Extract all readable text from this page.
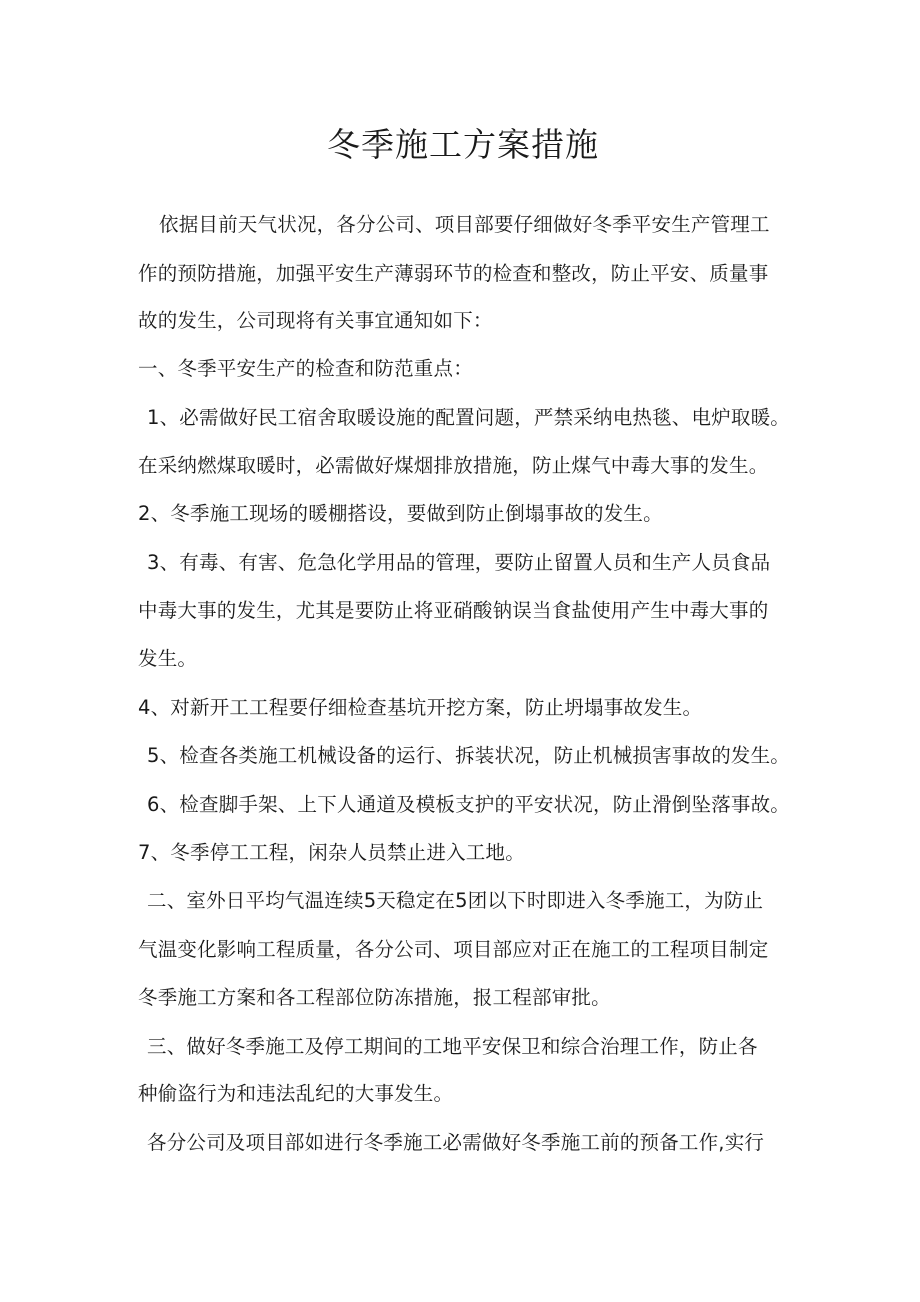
冬季施工方案措施
依据目前天气状况，各分公司、项目部要仔细做好冬季平安生产管理工
作的预防措施，加强平安生产薄弱环节的检查和整改，防止平安、质量事
故的发生，公司现将有关事宜通知如下：
一、冬季平安生产的检查和防范重点：
1、必需做好民工宿舍取暖设施的配置问题，严禁采纳电热毯、电炉取暖。
在采纳燃煤取暖时，必需做好煤烟排放措施，防止煤气中毒大事的发生。
2、冬季施工现场的暖棚搭设，要做到防止倒塌事故的发生。
3、有毒、有害、危急化学用品的管理，要防止留置人员和生产人员食品
中毒大事的发生，尤其是要防止将亚硝酸钠误当食盐使用产生中毒大事的
发生。
4、对新开工工程要仔细检查基坑开挖方案，防止坍塌事故发生。
5、检查各类施工机械设备的运行、拆装状况，防止机械损害事故的发生。
6、检查脚手架、上下人通道及模板支护的平安状况，防止滑倒坠落事故。
7、冬季停工工程，闲杂人员禁止进入工地。
二、室外日平均气温连续5天稳定在5团以下时即进入冬季施工，为防止
气温变化影响工程质量，各分公司、项目部应对正在施工的工程项目制定
冬季施工方案和各工程部位防冻措施，报工程部审批。
三、做好冬季施工及停工期间的工地平安保卫和综合治理工作，防止各
种偷盗行为和违法乱纪的大事发生。
各分公司及项目部如进行冬季施工必需做好冬季施工前的预备工作,实行
